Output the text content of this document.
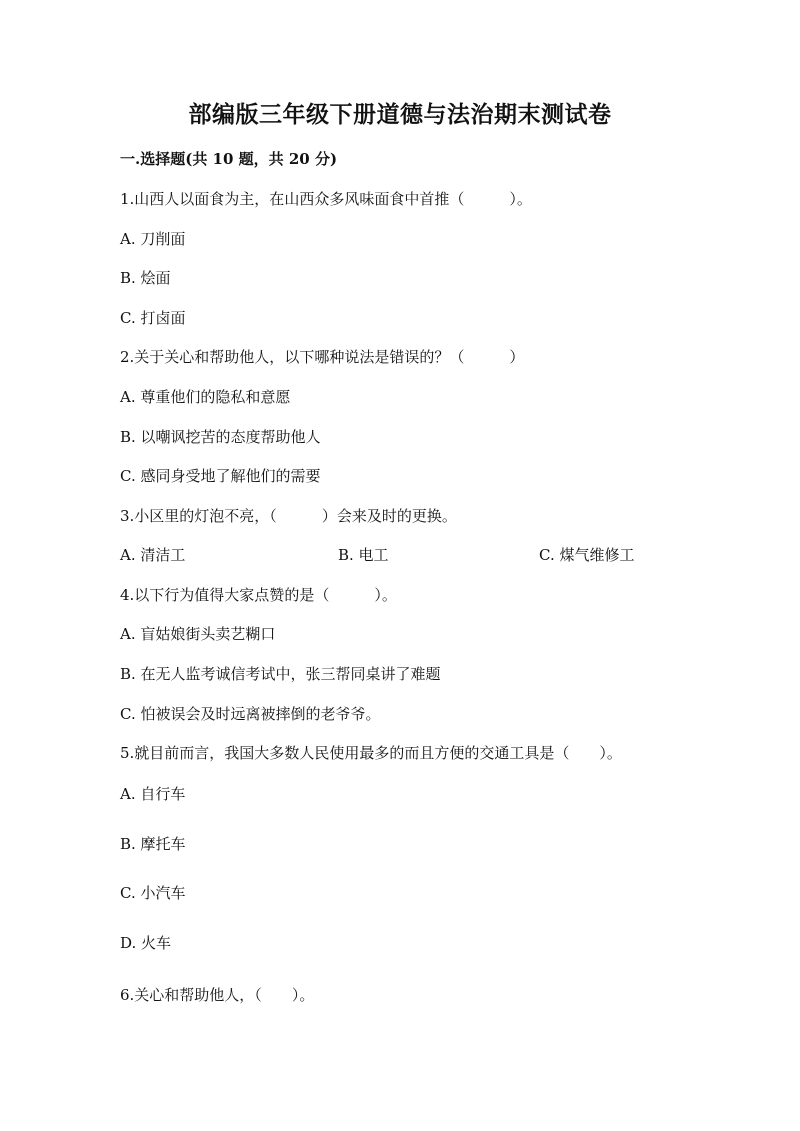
部编版三年级下册道德与法治期末测试卷
一.选择题(共 10 题，共 20 分)
1.山西人以面食为主，在山西众多风味面食中首推（　　　）。
A. 刀削面
B. 烩面
C. 打卤面
2.关于关心和帮助他人，以下哪种说法是错误的？（　　　）
A. 尊重他们的隐私和意愿
B. 以嘲讽挖苦的态度帮助他人
C. 感同身受地了解他们的需要
3.小区里的灯泡不亮，（　　　）会来及时的更换。
A. 清洁工	B. 电工	C. 煤气维修工
4.以下行为值得大家点赞的是（　　　）。
A. 盲姑娘街头卖艺糊口
B. 在无人监考诚信考试中，张三帮同桌讲了难题
C. 怕被误会及时远离被摔倒的老爷爷。
5.就目前而言，我国大多数人民使用最多的而且方便的交通工具是（　　）。
A. 自行车
B. 摩托车
C. 小汽车
D. 火车
6.关心和帮助他人，（　　）。
